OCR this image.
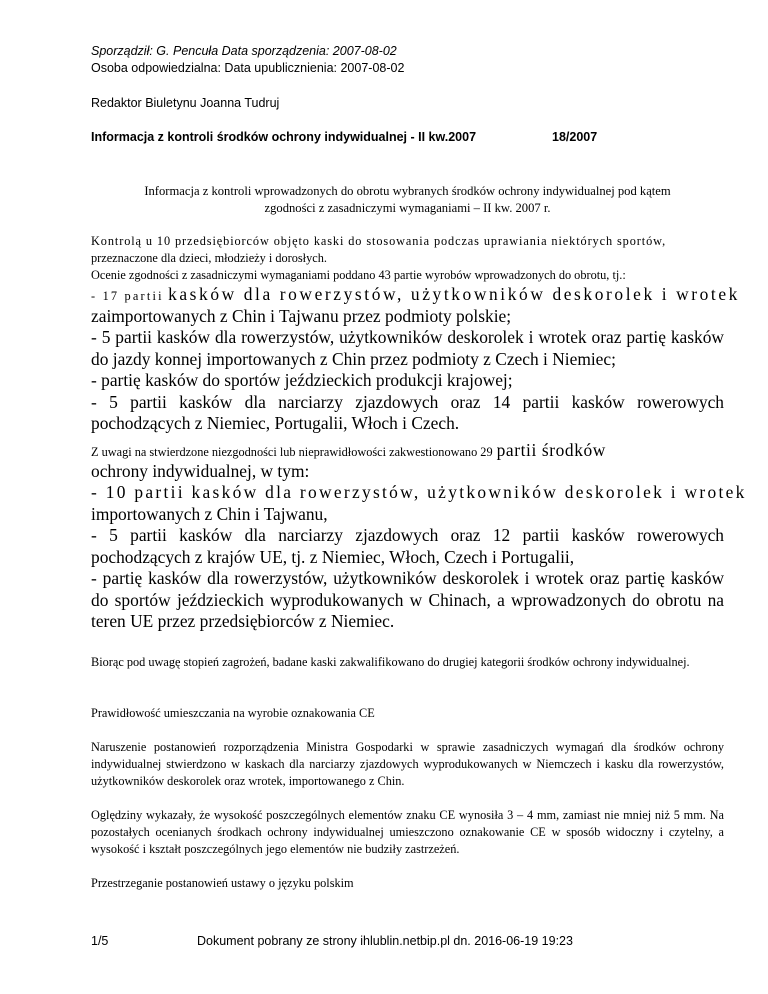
Sporządził: G. Pencuła Data sporządzenia: 2007-08-02
Osoba odpowiedzialna: Data upublicznienia: 2007-08-02
Redaktor Biuletynu Joanna Tudruj
Informacja z kontroli środków ochrony indywidualnej - II kw.2007	18/2007
Informacja z kontroli wprowadzonych do obrotu wybranych środków ochrony indywidualnej pod kątem
zgodności z zasadniczymi wymaganiami – II kw. 2007 r.
Kontrolą u 10 przedsiębiorców objęto kaski do stosowania podczas uprawiania niektórych sportów,
przeznaczone dla dzieci, młodzieży i dorosłych.
Ocenie zgodności z zasadniczymi wymaganiami poddano 43 partie wyrobów wprowadzonych do obrotu, tj.:
- 17 partii kasków dla rowerzystów, użytkowników deskorolek i wrotek
zaimportowanych z Chin i Tajwanu przez podmioty polskie;

- 5 partii kasków dla rowerzystów, użytkowników deskorolek i wrotek oraz partię kasków do jazdy konnej importowanych z Chin przez podmioty z Czech i Niemiec;

- partię kasków do sportów jeździeckich produkcji krajowej;

- 5 partii kasków dla narciarzy zjazdowych oraz 14 partii kasków rowerowych pochodzących z Niemiec, Portugalii, Włoch i Czech.

Z uwagi na stwierdzone niezgodności lub nieprawidłowości zakwestionowano 29 partii środków
ochrony indywidualnej, w tym:
- 10 partii kasków dla rowerzystów, użytkowników deskorolek i wrotek
importowanych z Chin i Tajwanu,

- 5 partii kasków dla narciarzy zjazdowych oraz 12 partii kasków rowerowych pochodzących z krajów UE, tj. z Niemiec, Włoch, Czech i Portugalii,

- partię kasków dla rowerzystów, użytkowników deskorolek i wrotek oraz partię kasków do sportów jeździeckich wyprodukowanych w Chinach, a wprowadzonych do obrotu na teren UE przez przedsiębiorców z Niemiec.

Biorąc pod uwagę stopień zagrożeń, badane kaski zakwalifikowano do drugiej kategorii środków ochrony indywidualnej.

Prawidłowość umieszczania na wyrobie oznakowania CE

Naruszenie postanowień rozporządzenia Ministra Gospodarki w sprawie zasadniczych wymagań dla środków ochrony indywidualnej stwierdzono w kaskach dla narciarzy zjazdowych wyprodukowanych w Niemczech i kasku dla rowerzystów, użytkowników deskorolek oraz wrotek, importowanego z Chin.

Oględziny wykazały, że wysokość poszczególnych elementów znaku CE wynosiła 3 – 4 mm, zamiast nie mniej niż 5 mm. Na pozostałych ocenianych środkach ochrony indywidualnej umieszczono oznakowanie CE w sposób widoczny i czytelny, a wysokość i kształt poszczególnych jego elementów nie budziły zastrzeżeń.

Przestrzeganie postanowień ustawy o języku polskim

1/5	Dokument pobrany ze strony ihlublin.netbip.pl dn. 2016-06-19 19:23
